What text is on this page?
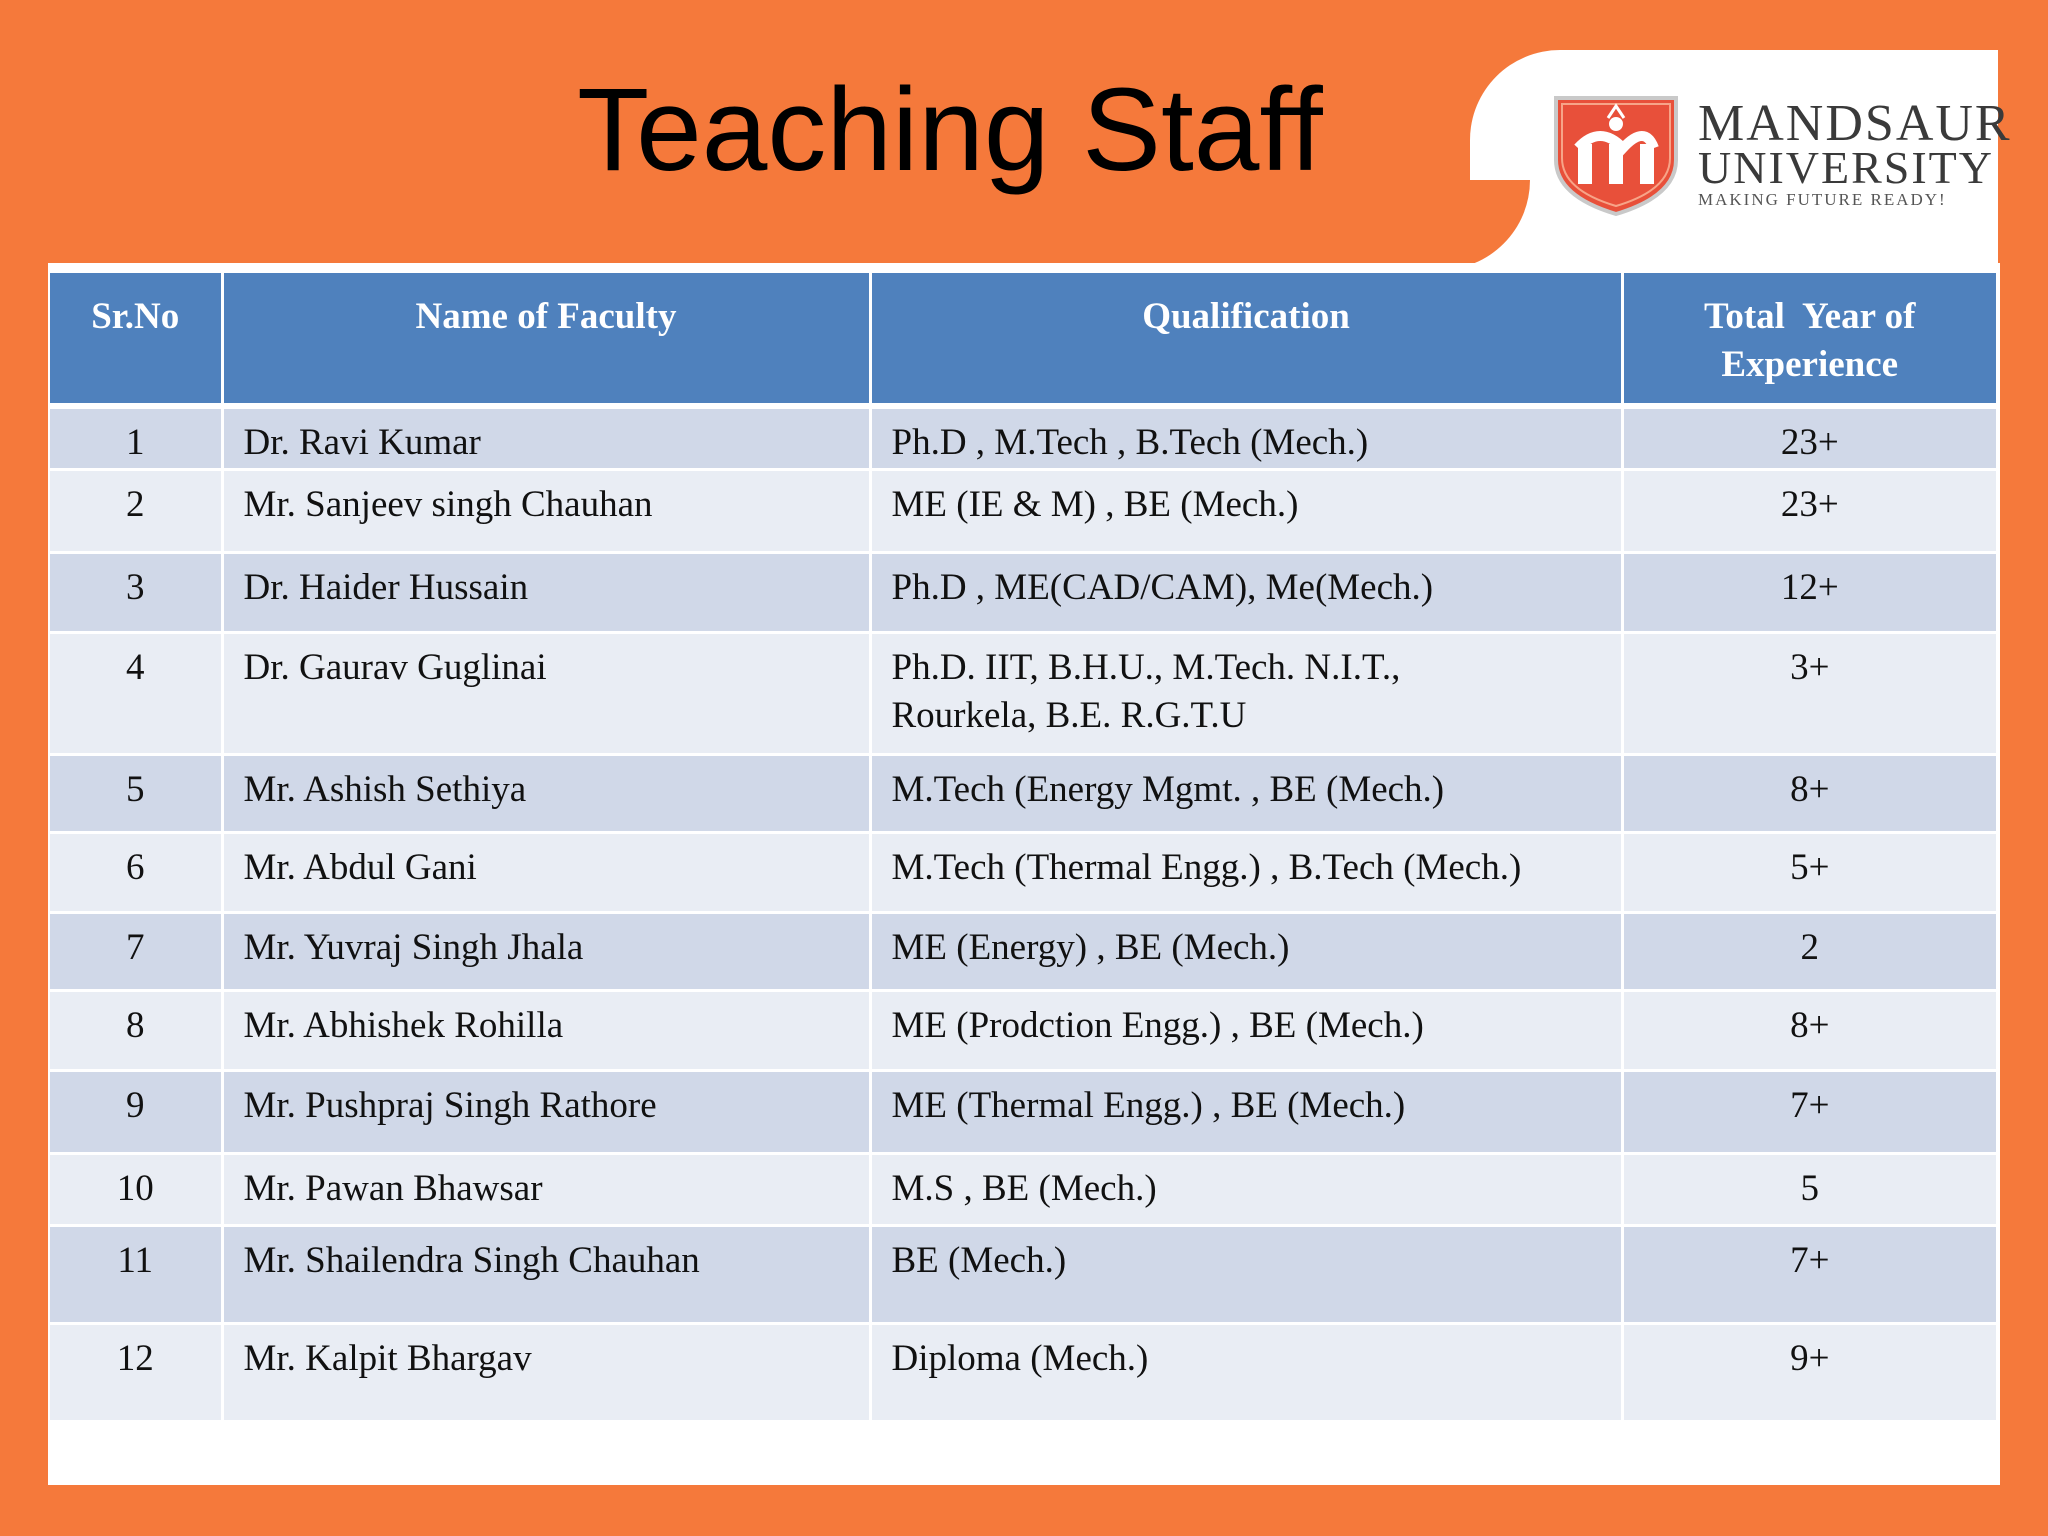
Teaching Staff	MANDSAUR
UNIVERSITY
MAKING FUTURE READY!
Sr.No	Name of Faculty	Qualification	Total  Year of
Experience
1	Dr. Ravi Kumar	Ph.D , M.Tech , B.Tech (Mech.)	23+
2	Mr. Sanjeev singh Chauhan	ME (IE & M) , BE (Mech.)	23+
3	Dr. Haider Hussain	Ph.D , ME(CAD/CAM), Me(Mech.)	12+
4	Dr. Gaurav Guglinai	Ph.D. IIT, B.H.U., M.Tech. N.I.T.,
Rourkela, B.E. R.G.T.U	3+
5	Mr. Ashish Sethiya	M.Tech (Energy Mgmt. , BE (Mech.)	8+
6	Mr. Abdul Gani	M.Tech (Thermal Engg.) , B.Tech (Mech.)	5+
7	Mr. Yuvraj Singh Jhala	ME (Energy) , BE (Mech.)	2
8	Mr. Abhishek Rohilla	ME (Prodction Engg.) , BE (Mech.)	8+
9	Mr. Pushpraj Singh Rathore	ME (Thermal Engg.) , BE (Mech.)	7+
10	Mr. Pawan Bhawsar	M.S , BE (Mech.)	5
11	Mr. Shailendra Singh Chauhan	BE (Mech.)	7+
12	Mr. Kalpit Bhargav	Diploma (Mech.)	9+
